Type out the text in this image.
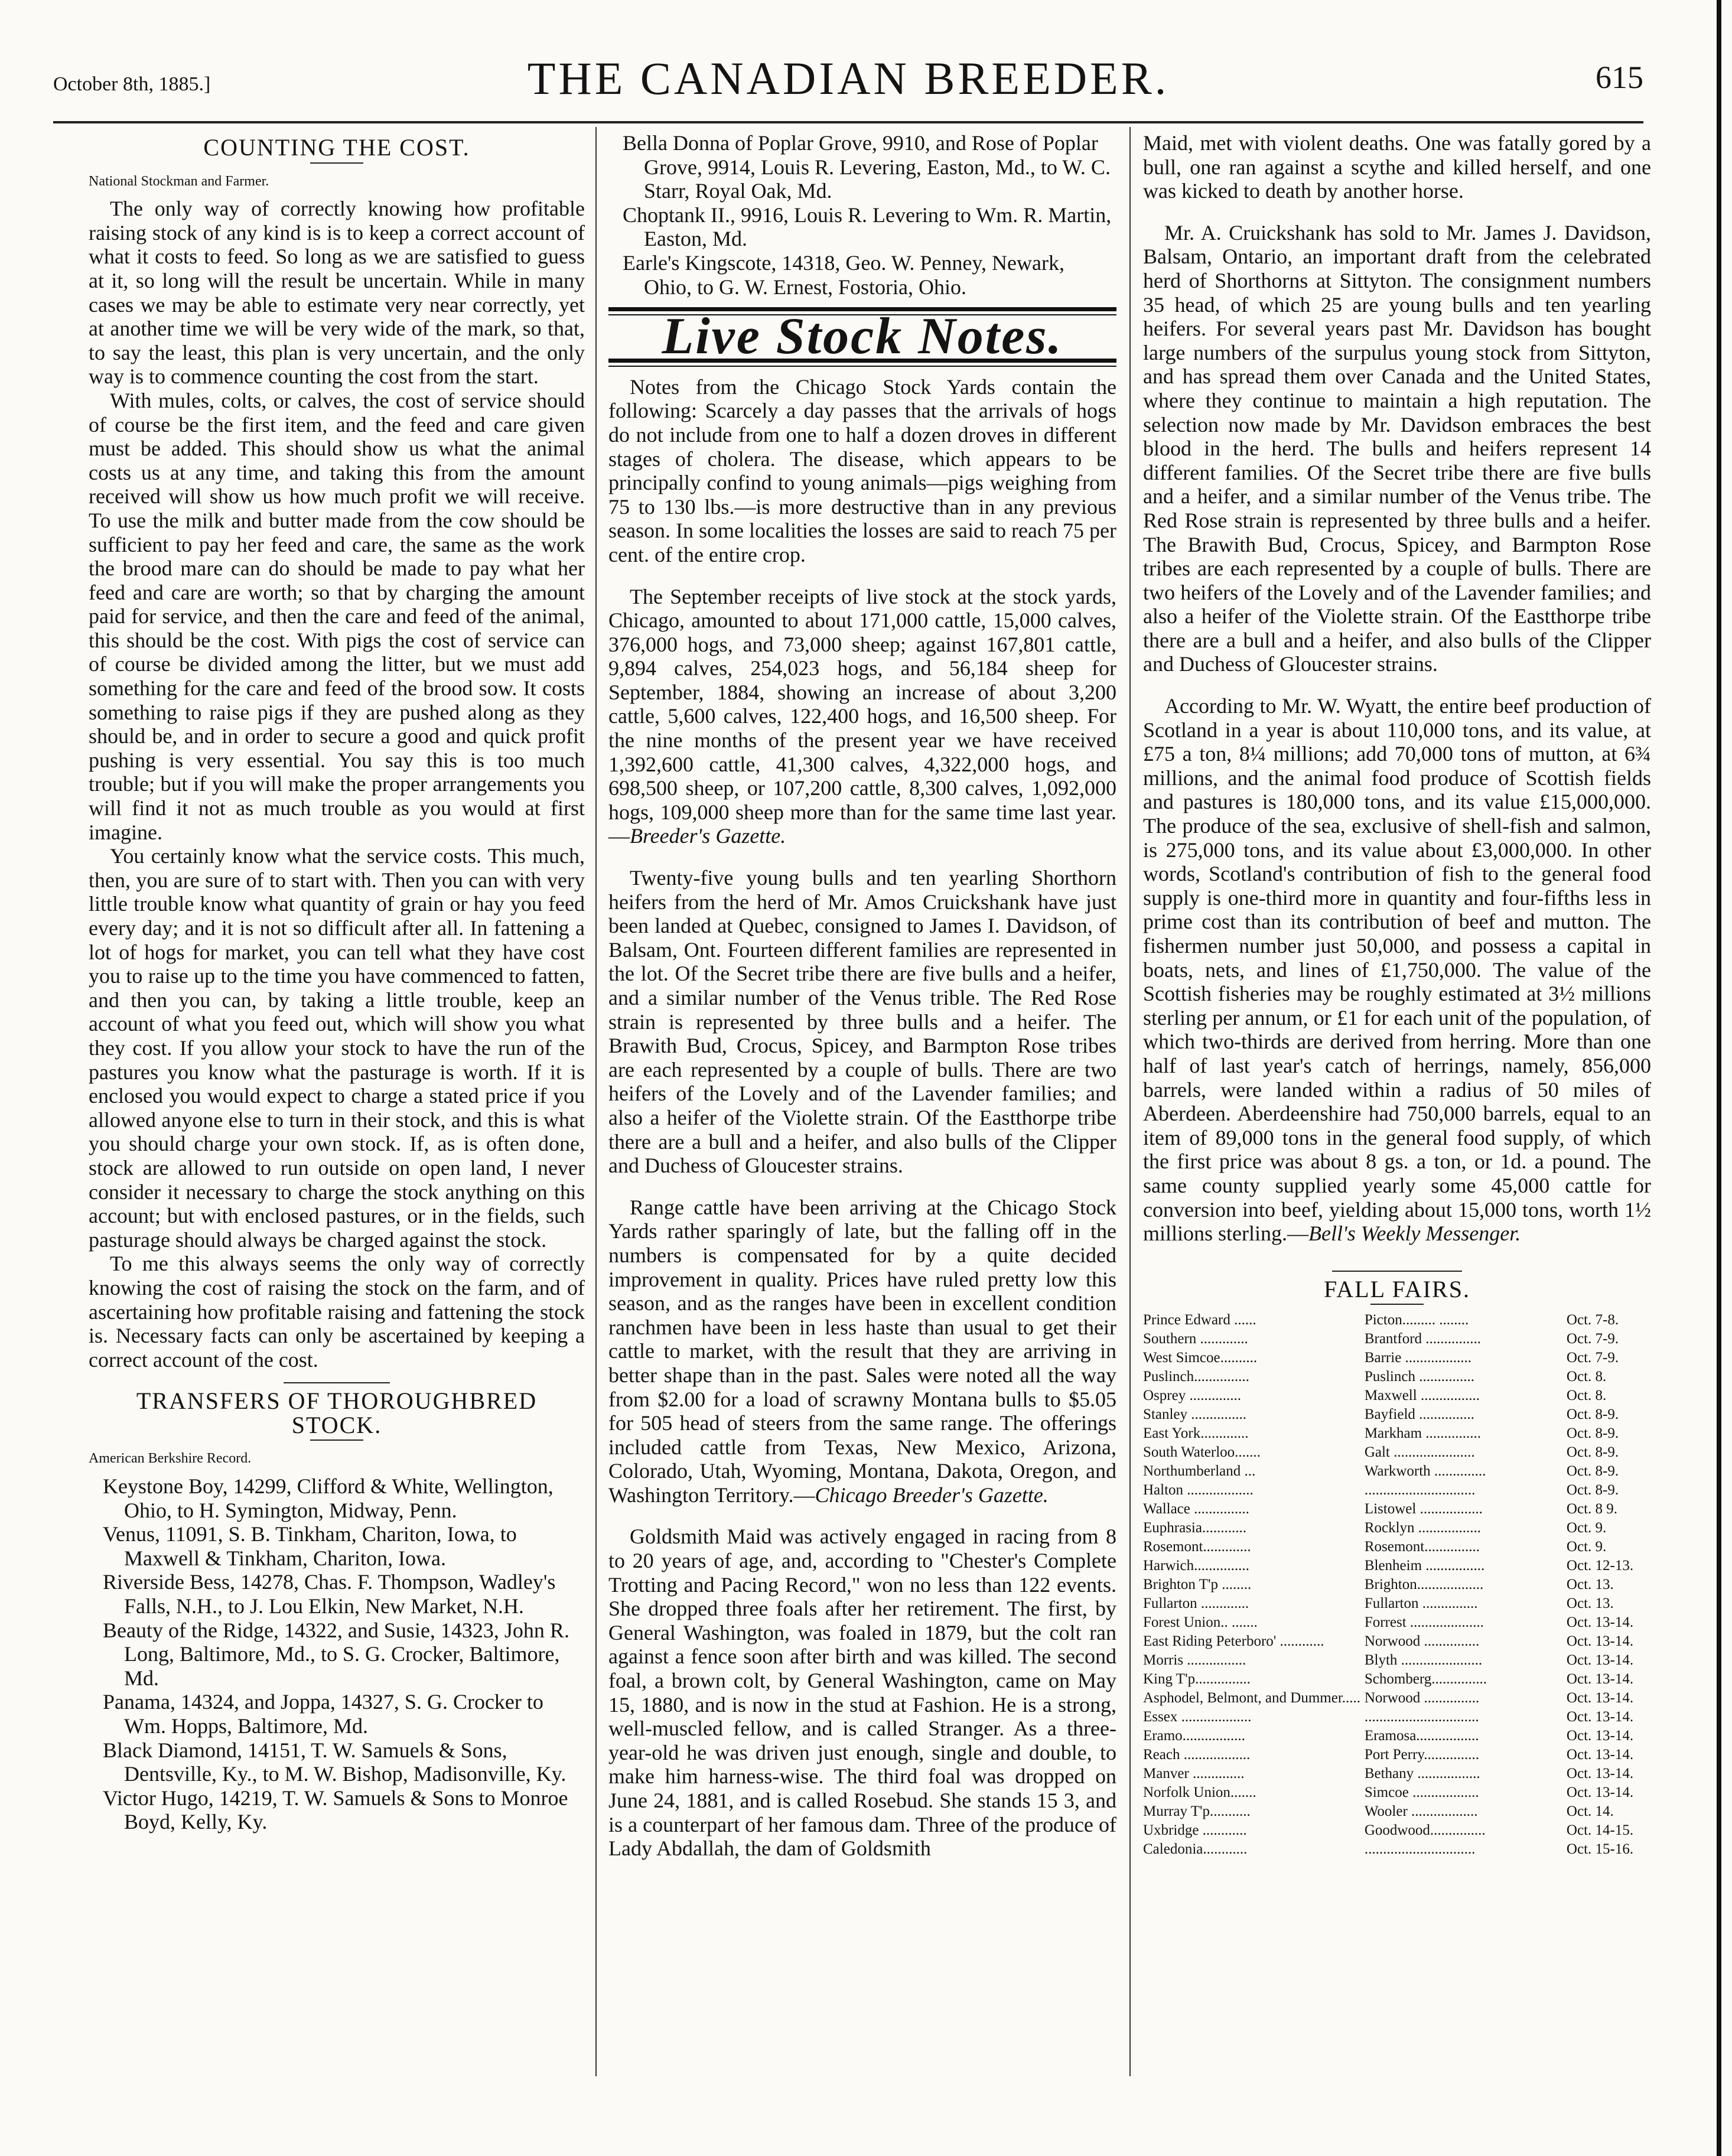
October 8th, 1885.]	THE CANADIAN BREEDER.	615
COUNTING THE COST.
National Stockman and Farmer.

The only way of correctly knowing how profitable raising stock of any kind is is to keep a correct account of what it costs to feed. So long as we are satisfied to guess at it, so long will the result be uncertain. While in many cases we may be able to estimate very near correctly, yet at another time we will be very wide of the mark, so that, to say the least, this plan is very uncertain, and the only way is to commence counting the cost from the start.

With mules, colts, or calves, the cost of service should of course be the first item, and the feed and care given must be added. This should show us what the animal costs us at any time, and taking this from the amount received will show us how much profit we will receive. To use the milk and butter made from the cow should be sufficient to pay her feed and care, the same as the work the brood mare can do should be made to pay what her feed and care are worth; so that by charging the amount paid for service, and then the care and feed of the animal, this should be the cost. With pigs the cost of service can of course be divided among the litter, but we must add something for the care and feed of the brood sow. It costs something to raise pigs if they are pushed along as they should be, and in order to secure a good and quick profit pushing is very essential. You say this is too much trouble; but if you will make the proper arrangements you will find it not as much trouble as you would at first imagine.

You certainly know what the service costs. This much, then, you are sure of to start with. Then you can with very little trouble know what quantity of grain or hay you feed every day; and it is not so difficult after all. In fattening a lot of hogs for market, you can tell what they have cost you to raise up to the time you have commenced to fatten, and then you can, by taking a little trouble, keep an account of what you feed out, which will show you what they cost. If you allow your stock to have the run of the pastures you know what the pasturage is worth. If it is enclosed you would expect to charge a stated price if you allowed anyone else to turn in their stock, and this is what you should charge your own stock. If, as is often done, stock are allowed to run outside on open land, I never consider it necessary to charge the stock anything on this account; but with enclosed pastures, or in the fields, such pasturage should always be charged against the stock.

To me this always seems the only way of correctly knowing the cost of raising the stock on the farm, and of ascertaining how profitable raising and fattening the stock is. Necessary facts can only be ascertained by keeping a correct account of the cost.

TRANSFERS OF THOROUGHBRED
STOCK.
American Berkshire Record.

Keystone Boy, 14299, Clifford & White, Wellington, Ohio, to H. Symington, Midway, Penn.

Venus, 11091, S. B. Tinkham, Chariton, Iowa, to Maxwell & Tinkham, Chariton, Iowa.

Riverside Bess, 14278, Chas. F. Thompson, Wadley's Falls, N.H., to J. Lou Elkin, New Market, N.H.

Beauty of the Ridge, 14322, and Susie, 14323, John R. Long, Baltimore, Md., to S. G. Crocker, Baltimore, Md.

Panama, 14324, and Joppa, 14327, S. G. Crocker to Wm. Hopps, Baltimore, Md.

Black Diamond, 14151, T. W. Samuels & Sons, Dentsville, Ky., to M. W. Bishop, Madisonville, Ky.

Victor Hugo, 14219, T. W. Samuels & Sons to Monroe Boyd, Kelly, Ky.

Bella Donna of Poplar Grove, 9910, and Rose of Poplar Grove, 9914, Louis R. Levering, Easton, Md., to W. C. Starr, Royal Oak, Md.

Choptank II., 9916, Louis R. Levering to Wm. R. Martin, Easton, Md.

Earle's Kingscote, 14318, Geo. W. Penney, Newark, Ohio, to G. W. Ernest, Fostoria, Ohio.

Live Stock Notes.

Notes from the Chicago Stock Yards contain the following: Scarcely a day passes that the arrivals of hogs do not include from one to half a dozen droves in different stages of cholera. The disease, which appears to be principally confind to young animals—pigs weighing from 75 to 130 lbs.—is more destructive than in any previous season. In some localities the losses are said to reach 75 per cent. of the entire crop.

The September receipts of live stock at the stock yards, Chicago, amounted to about 171,000 cattle, 15,000 calves, 376,000 hogs, and 73,000 sheep; against 167,801 cattle, 9,894 calves, 254,023 hogs, and 56,184 sheep for September, 1884, showing an increase of about 3,200 cattle, 5,600 calves, 122,400 hogs, and 16,500 sheep. For the nine months of the present year we have received 1,392,600 cattle, 41,300 calves, 4,322,000 hogs, and 698,500 sheep, or 107,200 cattle, 8,300 calves, 1,092,000 hogs, 109,000 sheep more than for the same time last year.—Breeder's Gazette.

Twenty-five young bulls and ten yearling Shorthorn heifers from the herd of Mr. Amos Cruickshank have just been landed at Quebec, consigned to James I. Davidson, of Balsam, Ont. Fourteen different families are represented in the lot. Of the Secret tribe there are five bulls and a heifer, and a similar number of the Venus trible. The Red Rose strain is represented by three bulls and a heifer. The Brawith Bud, Crocus, Spicey, and Barmpton Rose tribes are each represented by a couple of bulls. There are two heifers of the Lovely and of the Lavender families; and also a heifer of the Violette strain. Of the Eastthorpe tribe there are a bull and a heifer, and also bulls of the Clipper and Duchess of Gloucester strains.

Range cattle have been arriving at the Chicago Stock Yards rather sparingly of late, but the falling off in the numbers is compensated for by a quite decided improvement in quality. Prices have ruled pretty low this season, and as the ranges have been in excellent condition ranchmen have been in less haste than usual to get their cattle to market, with the result that they are arriving in better shape than in the past. Sales were noted all the way from $2.00 for a load of scrawny Montana bulls to $5.05 for 505 head of steers from the same range. The offerings included cattle from Texas, New Mexico, Arizona, Colorado, Utah, Wyoming, Montana, Dakota, Oregon, and Washington Territory.—Chicago Breeder's Gazette.

Goldsmith Maid was actively engaged in racing from 8 to 20 years of age, and, according to "Chester's Complete Trotting and Pacing Record," won no less than 122 events. She dropped three foals after her retirement. The first, by General Washington, was foaled in 1879, but the colt ran against a fence soon after birth and was killed. The second foal, a brown colt, by General Washington, came on May 15, 1880, and is now in the stud at Fashion. He is a strong, well-muscled fellow, and is called Stranger. As a three-year-old he was driven just enough, single and double, to make him harness-wise. The third foal was dropped on June 24, 1881, and is called Rosebud. She stands 15 3, and is a counterpart of her famous dam. Three of the produce of Lady Abdallah, the dam of Goldsmith

Maid, met with violent deaths. One was fatally gored by a bull, one ran against a scythe and killed herself, and one was kicked to death by another horse.

Mr. A. Cruickshank has sold to Mr. James J. Davidson, Balsam, Ontario, an important draft from the celebrated herd of Shorthorns at Sittyton. The consignment numbers 35 head, of which 25 are young bulls and ten yearling heifers. For several years past Mr. Davidson has bought large numbers of the surpulus young stock from Sittyton, and has spread them over Canada and the United States, where they continue to maintain a high reputation. The selection now made by Mr. Davidson embraces the best blood in the herd. The bulls and heifers represent 14 different families. Of the Secret tribe there are five bulls and a heifer, and a similar number of the Venus tribe. The Red Rose strain is represented by three bulls and a heifer. The Brawith Bud, Crocus, Spicey, and Barmpton Rose tribes are each represented by a couple of bulls. There are two heifers of the Lovely and of the Lavender families; and also a heifer of the Violette strain. Of the Eastthorpe tribe there are a bull and a heifer, and also bulls of the Clipper and Duchess of Gloucester strains.

According to Mr. W. Wyatt, the entire beef production of Scotland in a year is about 110,000 tons, and its value, at £75 a ton, 8¼ millions; add 70,000 tons of mutton, at 6¾ millions, and the animal food produce of Scottish fields and pastures is 180,000 tons, and its value £15,000,000. The produce of the sea, exclusive of shell-fish and salmon, is 275,000 tons, and its value about £3,000,000. In other words, Scotland's contribution of fish to the general food supply is one-third more in quantity and four-fifths less in prime cost than its contribution of beef and mutton. The fishermen number just 50,000, and possess a capital in boats, nets, and lines of £1,750,000. The value of the Scottish fisheries may be roughly estimated at 3½ millions sterling per annum, or £1 for each unit of the population, of which two-thirds are derived from herring. More than one half of last year's catch of herrings, namely, 856,000 barrels, were landed within a radius of 50 miles of Aberdeen. Aberdeenshire had 750,000 barrels, equal to an item of 89,000 tons in the general food supply, of which the first price was about 8 gs. a ton, or 1d. a pound. The same county supplied yearly some 45,000 cattle for conversion into beef, yielding about 15,000 tons, worth 1½ millions sterling.—Bell's Weekly Messenger.

FALL FAIRS.
Prince Edward ......	Picton......... ........	Oct. 7-8.
Southern .............	Brantford ...............	Oct. 7-9.
West Simcoe..........	Barrie ..................	Oct. 7-9.
Puslinch...............	Puslinch ...............	Oct. 8.
Osprey ..............	Maxwell ................	Oct. 8.
Stanley ...............	Bayfield ...............	Oct. 8-9.
East York.............	Markham ...............	Oct. 8-9.
South Waterloo.......	Galt ......................	Oct. 8-9.
Northumberland ...	Warkworth ..............	Oct. 8-9.
Halton ..................	..............................	Oct. 8-9.
Wallace ...............	Listowel .................	Oct. 8 9.
Euphrasia............	Rocklyn .................	Oct. 9.
Rosemont.............	Rosemont...............	Oct. 9.
Harwich...............	Blenheim ................	Oct. 12-13.
Brighton T'p ........	Brighton..................	Oct. 13.
Fullarton .............	Fullarton ...............	Oct. 13.
Forest Union.. .......	Forrest ....................	Oct. 13-14.
East Riding Peterboro' ............	Norwood ...............	Oct. 13-14.
Morris ................	Blyth ......................	Oct. 13-14.
King T'p...............	Schomberg...............	Oct. 13-14.
Asphodel, Belmont, and Dummer.....	Norwood ...............	Oct. 13-14.
Essex ...................	...............................	Oct. 13-14.
Eramo.................	Eramosa.................	Oct. 13-14.
Reach ..................	Port Perry...............	Oct. 13-14.
Manver ..............	Bethany .................	Oct. 13-14.
Norfolk Union.......	Simcoe ..................	Oct. 13-14.
Murray T'p...........	Wooler ..................	Oct. 14.
Uxbridge ............	Goodwood...............	Oct. 14-15.
Caledonia............	..............................	Oct. 15-16.
